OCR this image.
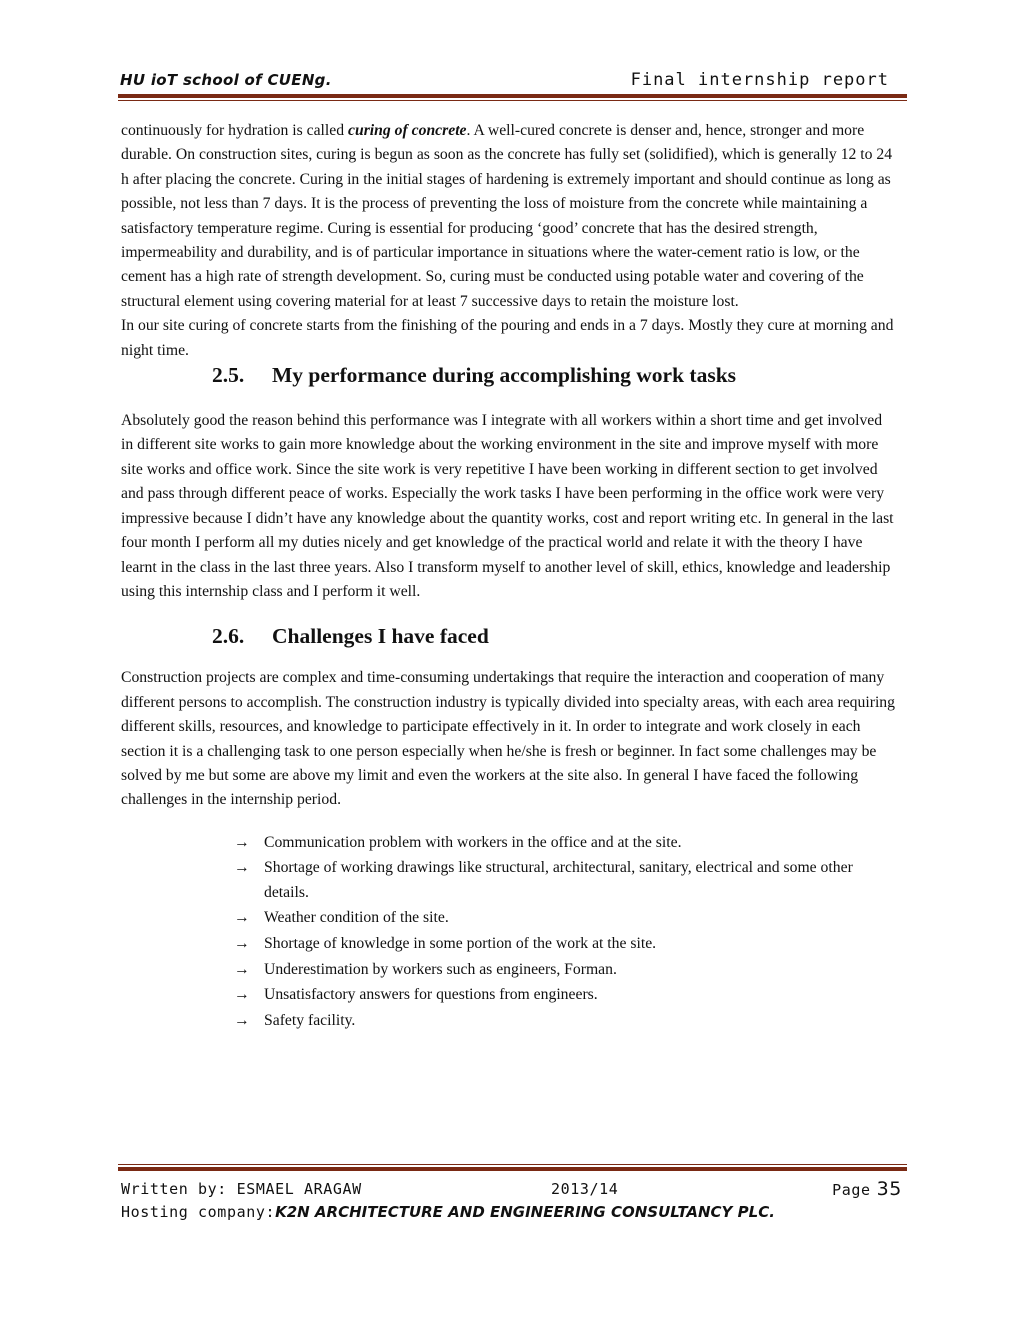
HU ioT school of CUENg.	Final internship report

continuously for hydration is called curing of concrete. A well-cured concrete is denser and, hence, stronger and more durable. On construction sites, curing is begun as soon as the concrete has fully set (solidified), which is generally 12 to 24 h after placing the concrete. Curing in the initial stages of hardening is extremely important and should continue as long as possible, not less than 7 days. It is the process of preventing the loss of moisture from the concrete while maintaining a satisfactory temperature regime. Curing is essential for producing ‘good’ concrete that has the desired strength, impermeability and durability, and is of particular importance in situations where the water-cement ratio is low, or the cement has a high rate of strength development. So, curing must be conducted using potable water and covering of the structural element using covering material for at least 7 successive days to retain the moisture lost.

In our site curing of concrete starts from the finishing of the pouring and ends in a 7 days. Mostly they cure at morning and night time.

2.5. My performance during accomplishing work tasks

Absolutely good the reason behind this performance was I integrate with all workers within a short time and get involved in different site works to gain more knowledge about the working environment in the site and improve myself with more site works and office work. Since the site work is very repetitive I have been working in different section to get involved and pass through different peace of works. Especially the work tasks I have been performing in the office work were very impressive because I didn’t have any knowledge about the quantity works, cost and report writing etc. In general in the last four month I perform all my duties nicely and get knowledge of the practical world and relate it with the theory I have learnt in the class in the last three years. Also I transform myself to another level of skill, ethics, knowledge and leadership using this internship class and I perform it well.

2.6. Challenges I have faced

Construction projects are complex and time-consuming undertakings that require the interaction and cooperation of many different persons to accomplish. The construction industry is typically divided into specialty areas, with each area requiring different skills, resources, and knowledge to participate effectively in it. In order to integrate and work closely in each section it is a challenging task to one person especially when he/she is fresh or beginner. In fact some challenges may be solved by me but some are above my limit and even the workers at the site also. In general I have faced the following challenges in the internship period.

→ Communication problem with workers in the office and at the site.
→ Shortage of working drawings like structural, architectural, sanitary, electrical and some other details.
→ Weather condition of the site.
→ Shortage of knowledge in some portion of the work at the site.
→ Underestimation by workers such as engineers, Forman.
→ Unsatisfactory answers for questions from engineers.
→ Safety facility.
Written by: ESMAEL ARAGAW	2013/14	Page 35
Hosting company:K2N ARCHITECTURE AND ENGINEERING CONSULTANCY PLC.
